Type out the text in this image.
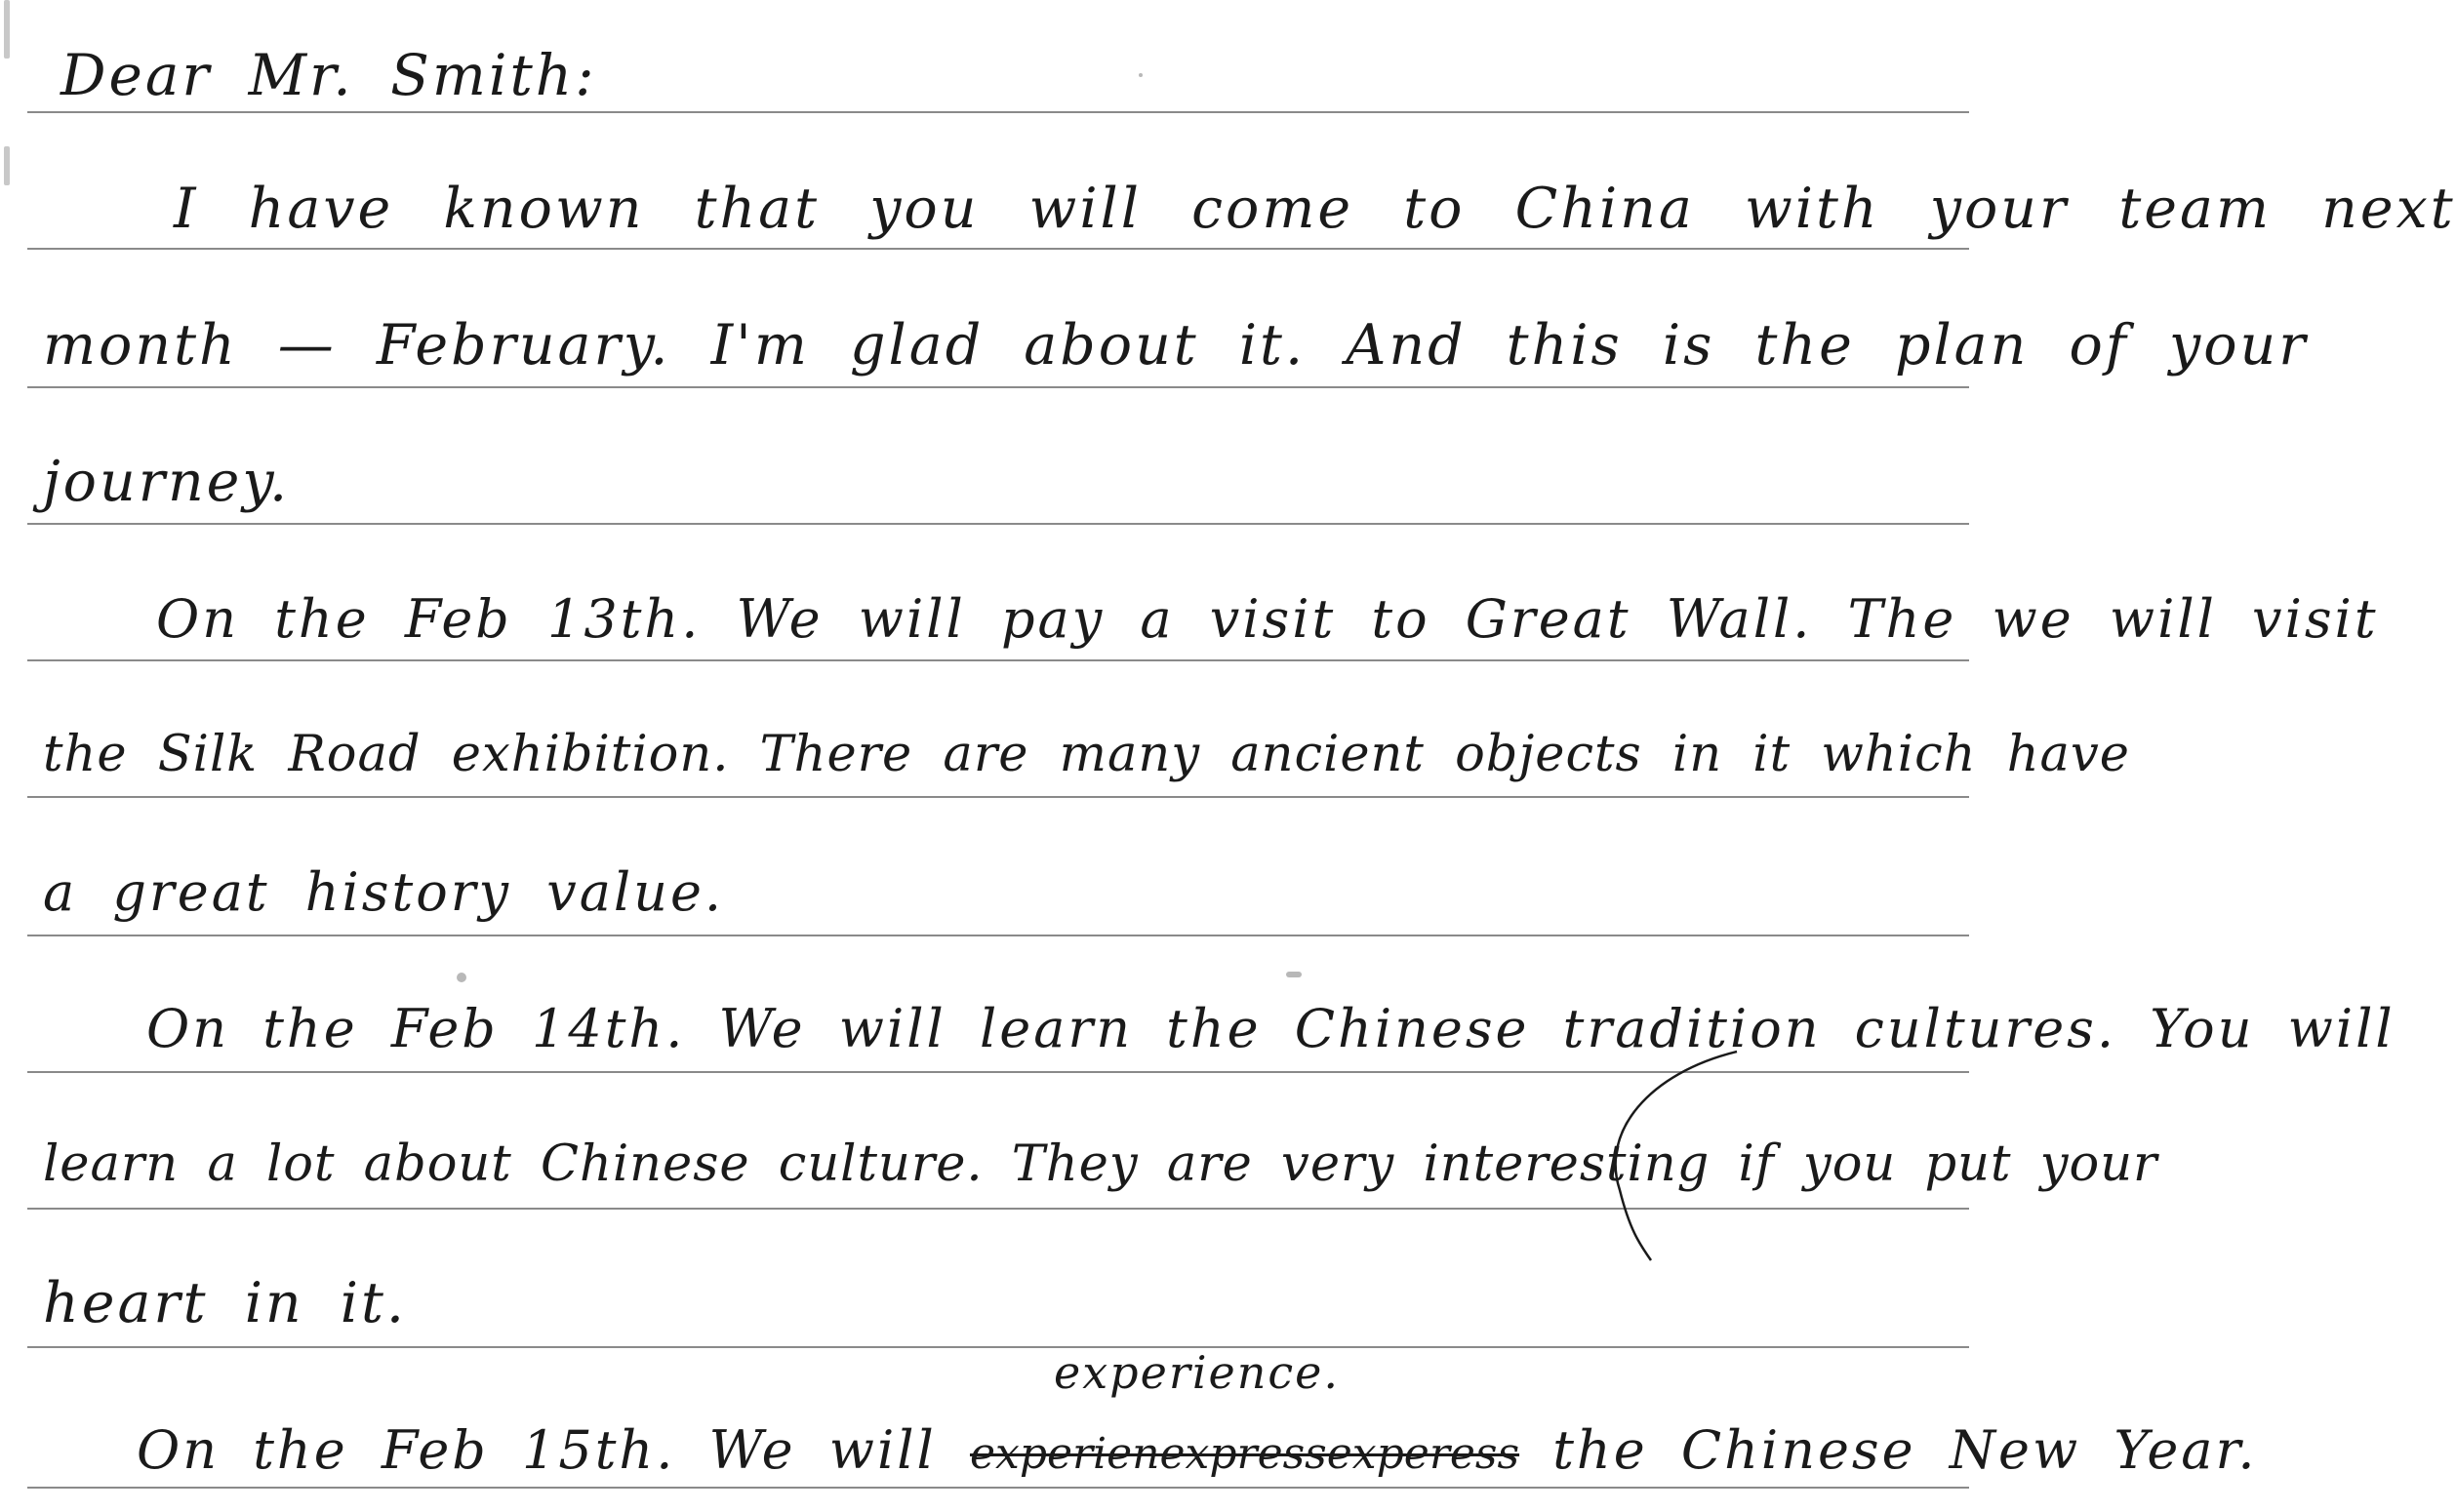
Dear Mr. Smith:
I have known that you will come to China with your team next
month — February. I'm glad about it. And this is the plan of your
journey.
On the Feb 13th. We will pay a visit to Great Wall. The we will visit
the Silk Road exhibition. There are many ancient objects in it which have
a great history value.
On the Feb 14th. We will learn the Chinese tradition cultures. You will
learn a lot about Chinese culture. They are very interesting if you put your
heart in it.
experience.
On the Feb 15th. We will experienexpressexperess the Chinese New Year.
